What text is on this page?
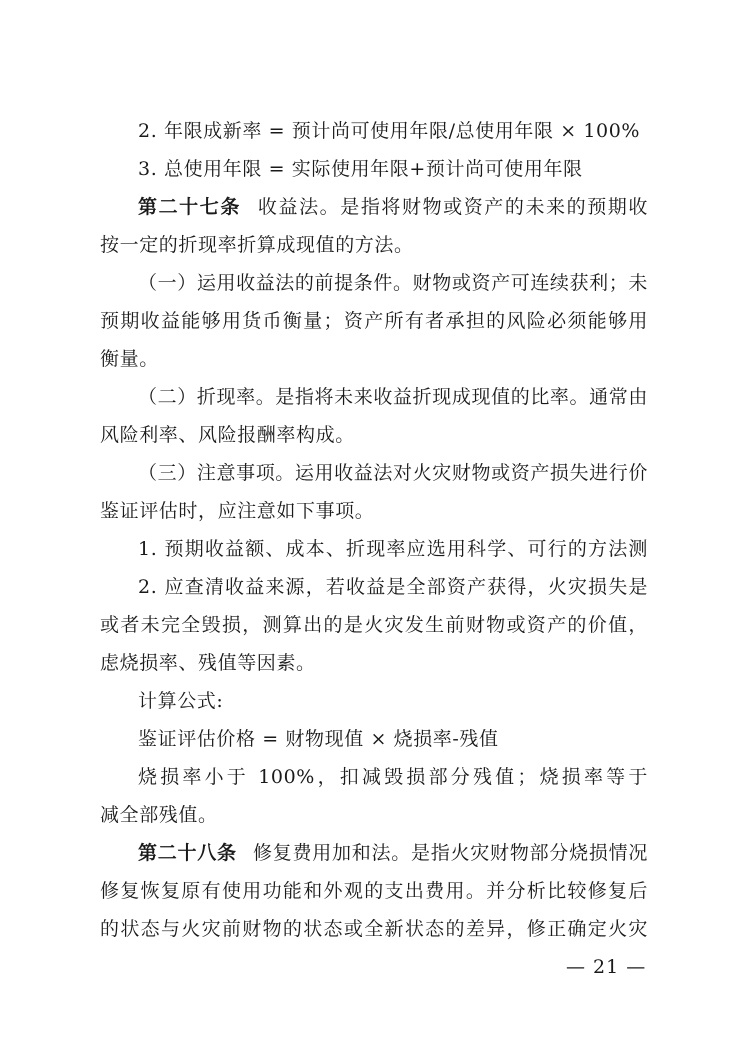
2. 年限成新率 = 预计尚可使用年限/总使用年限 × 100%
3. 总使用年限 = 实际使用年限+预计尚可使用年限
第二十七条 收益法。是指将财物或资产的未来的预期收
按一定的折现率折算成现值的方法。
（一）运用收益法的前提条件。财物或资产可连续获利；未
预期收益能够用货币衡量；资产所有者承担的风险必须能够用
衡量。
（二）折现率。是指将未来收益折现成现值的比率。通常由
风险利率、风险报酬率构成。
（三）注意事项。运用收益法对火灾财物或资产损失进行价
鉴证评估时，应注意如下事项。
1. 预期收益额、成本、折现率应选用科学、可行的方法测
2. 应查清收益来源，若收益是全部资产获得，火灾损失是
或者未完全毁损，测算出的是火灾发生前财物或资产的价值，
虑烧损率、残值等因素。
计算公式:
鉴证评估价格 = 财物现值 × 烧损率-残值
烧损率小于 100%，扣减毁损部分残值；烧损率等于
减全部残值。
第二十八条 修复费用加和法。是指火灾财物部分烧损情况
修复恢复原有使用功能和外观的支出费用。并分析比较修复后
的状态与火灾前财物的状态或全新状态的差异，修正确定火灾
— 21 —
